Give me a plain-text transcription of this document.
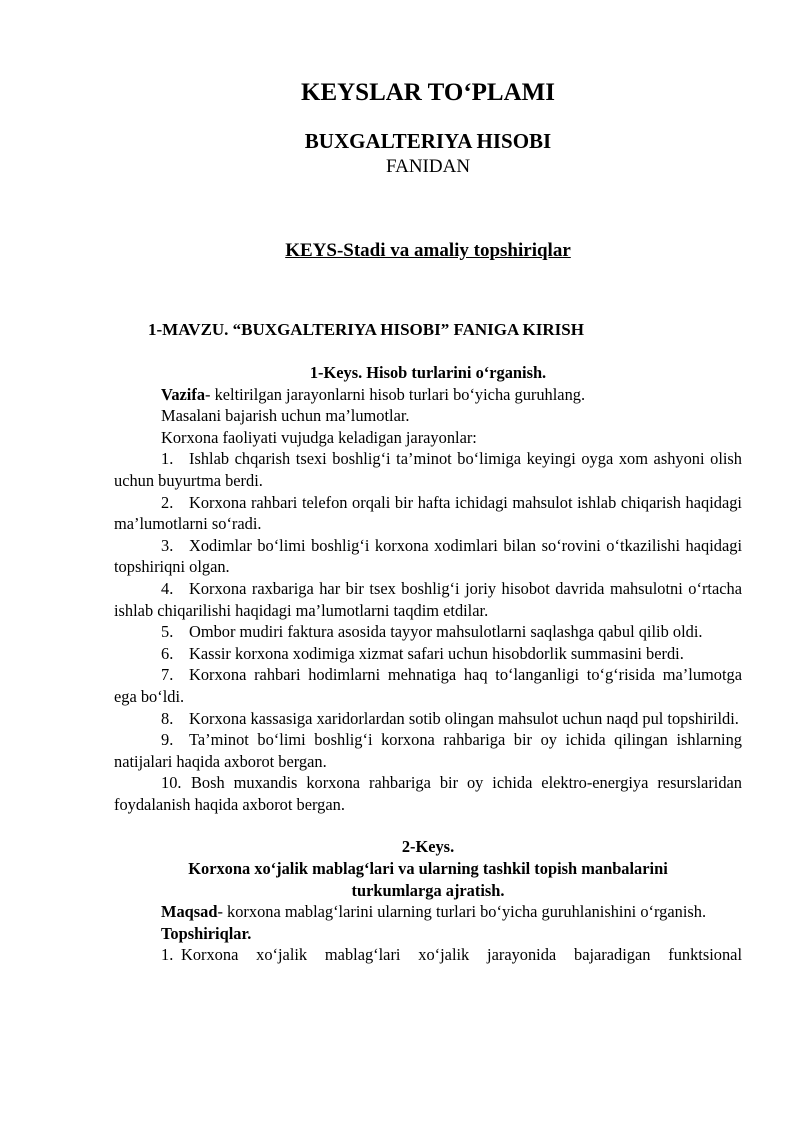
KEYSLAR TO‘PLAMI
BUXGALTERIYA HISOBI
FANIDAN
KEYS-Stadi va amaliy topshiriqlar
1-MAVZU. “BUXGALTERIYA HISOBI” FANIGA KIRISH

1-Keys. Hisob turlarini o‘rganish.

Vazifa- keltirilgan jarayonlarni hisob turlari bo‘yicha guruhlang.

Masalani bajarish uchun ma’lumotlar.

Korxona faoliyati vujudga keladigan jarayonlar:

1. Ishlab chqarish tsexi boshlig‘i ta’minot bo‘limiga keyingi oyga xom ashyoni olish uchun buyurtma berdi.

2. Korxona rahbari telefon orqali bir hafta ichidagi mahsulot ishlab chiqarish haqidagi ma’lumotlarni so‘radi.

3. Xodimlar bo‘limi boshlig‘i korxona xodimlari bilan so‘rovini o‘tkazilishi haqidagi topshiriqni olgan.

4. Korxona raxbariga har bir tsex boshlig‘i joriy hisobot davrida mahsulotni o‘rtacha ishlab chiqarilishi haqidagi ma’lumotlarni taqdim etdilar.

5. Ombor mudiri faktura asosida tayyor mahsulotlarni saqlashga qabul qilib oldi.

6. Kassir korxona xodimiga xizmat safari uchun hisobdorlik summasini berdi.

7. Korxona rahbari hodimlarni mehnatiga haq to‘langanligi to‘g‘risida ma’lumotga ega bo‘ldi.

8. Korxona kassasiga xaridorlardan sotib olingan mahsulot uchun naqd pul topshirildi.

9. Ta’minot bo‘limi boshlig‘i korxona rahbariga bir oy ichida qilingan ishlarning natijalari haqida axborot bergan.

10. Bosh muxandis korxona rahbariga bir oy ichida elektro-energiya resurslaridan foydalanish haqida axborot bergan.

2-Keys.

Korxona xo‘jalik mablag‘lari va ularning tashkil topish manbalarini turkumlarga ajratish.

Maqsad- korxona mablag‘larini ularning turlari bo‘yicha guruhlanishini o‘rganish.

Topshiriqlar.

1. Korxona xo‘jalik mablag‘lari xo‘jalik jarayonida bajaradigan funktsional
